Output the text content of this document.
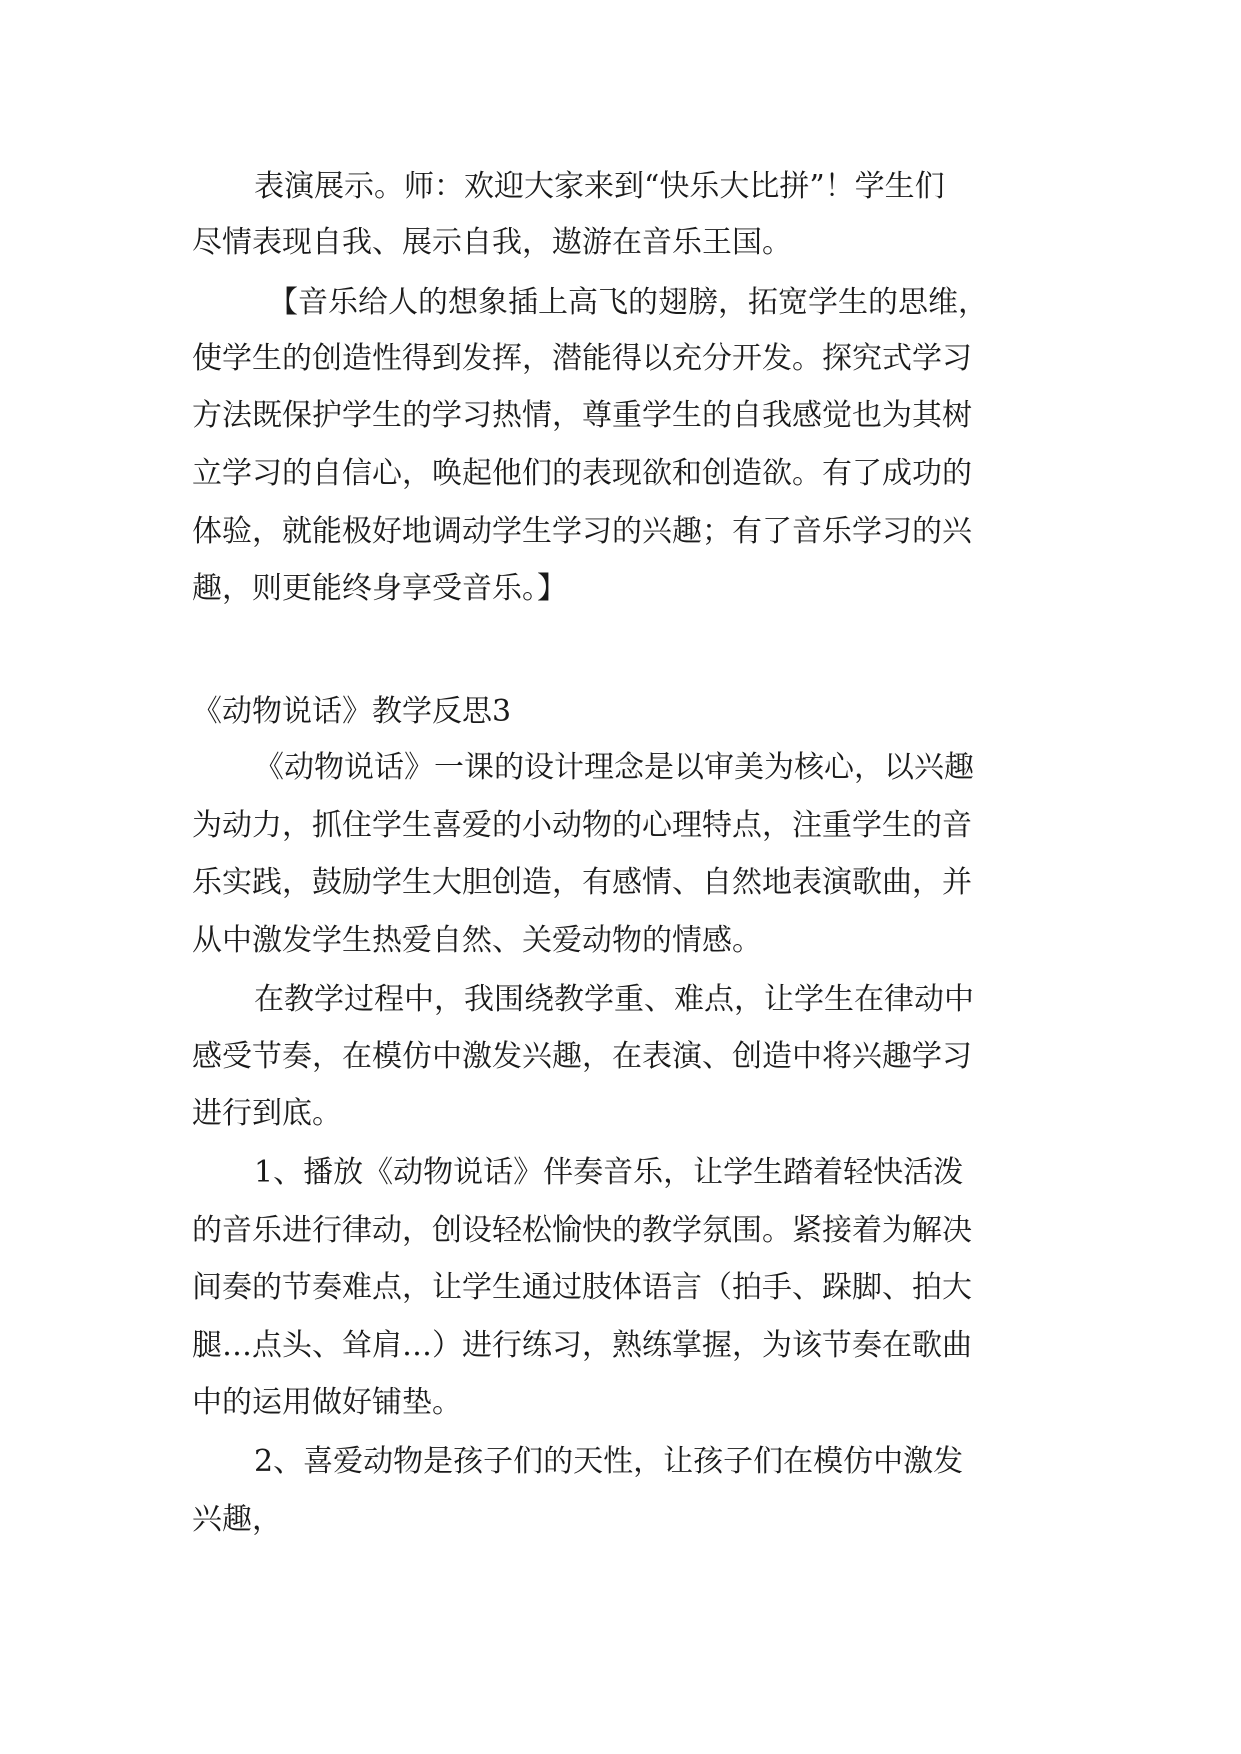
表演展示。师：欢迎大家来到“快乐大比拼”！学生们

尽情表现自我、展示自我，遨游在音乐王国。

【音乐给人的想象插上高飞的翅膀，拓宽学生的思维，

使学生的创造性得到发挥，潜能得以充分开发。探究式学习

方法既保护学生的学习热情，尊重学生的自我感觉也为其树

立学习的自信心，唤起他们的表现欲和创造欲。有了成功的

体验，就能极好地调动学生学习的兴趣；有了音乐学习的兴

趣，则更能终身享受音乐。】

《动物说话》教学反思3

《动物说话》一课的设计理念是以审美为核心，以兴趣

为动力，抓住学生喜爱的小动物的心理特点，注重学生的音

乐实践，鼓励学生大胆创造，有感情、自然地表演歌曲，并

从中激发学生热爱自然、关爱动物的情感。

在教学过程中，我围绕教学重、难点，让学生在律动中

感受节奏，在模仿中激发兴趣，在表演、创造中将兴趣学习

进行到底。

1、播放《动物说话》伴奏音乐，让学生踏着轻快活泼

的音乐进行律动，创设轻松愉快的教学氛围。紧接着为解决

间奏的节奏难点，让学生通过肢体语言（拍手、跺脚、拍大

腿…点头、耸肩…）进行练习，熟练掌握，为该节奏在歌曲

中的运用做好铺垫。

2、喜爱动物是孩子们的天性，让孩子们在模仿中激发

兴趣，
